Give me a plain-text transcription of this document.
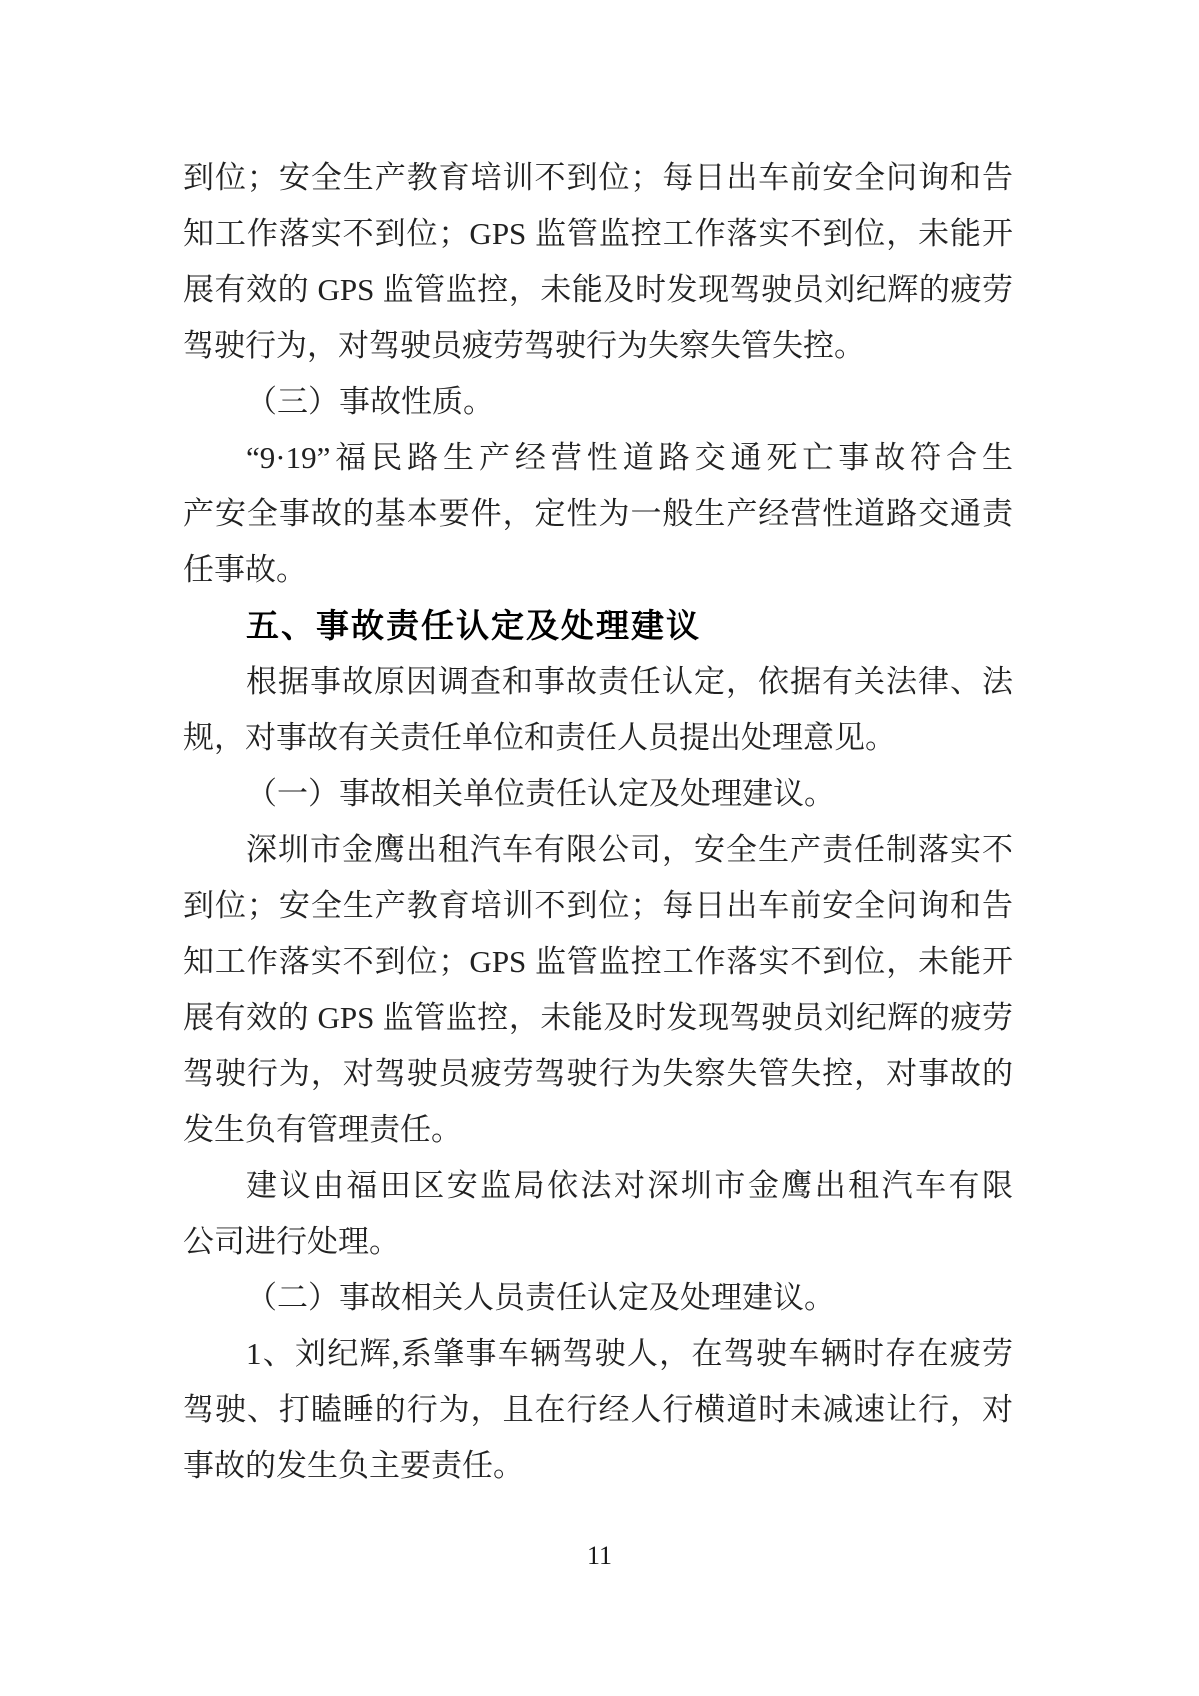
到位；安全生产教育培训不到位；每日出车前安全问询和告
知工作落实不到位；GPS 监管监控工作落实不到位，未能开
展有效的 GPS 监管监控，未能及时发现驾驶员刘纪辉的疲劳
驾驶行为，对驾驶员疲劳驾驶行为失察失管失控。
（三）事故性质。
“9·19”福民路生产经营性道路交通死亡事故符合生
产安全事故的基本要件，定性为一般生产经营性道路交通责
任事故。
五、事故责任认定及处理建议
根据事故原因调查和事故责任认定，依据有关法律、法
规，对事故有关责任单位和责任人员提出处理意见。
（一）事故相关单位责任认定及处理建议。
深圳市金鹰出租汽车有限公司，安全生产责任制落实不
到位；安全生产教育培训不到位；每日出车前安全问询和告
知工作落实不到位；GPS 监管监控工作落实不到位，未能开
展有效的 GPS 监管监控，未能及时发现驾驶员刘纪辉的疲劳
驾驶行为，对驾驶员疲劳驾驶行为失察失管失控，对事故的
发生负有管理责任。
建议由福田区安监局依法对深圳市金鹰出租汽车有限
公司进行处理。
（二）事故相关人员责任认定及处理建议。
1、刘纪辉,系肇事车辆驾驶人，在驾驶车辆时存在疲劳
驾驶、打瞌睡的行为，且在行经人行横道时未减速让行，对
事故的发生负主要责任。
11
